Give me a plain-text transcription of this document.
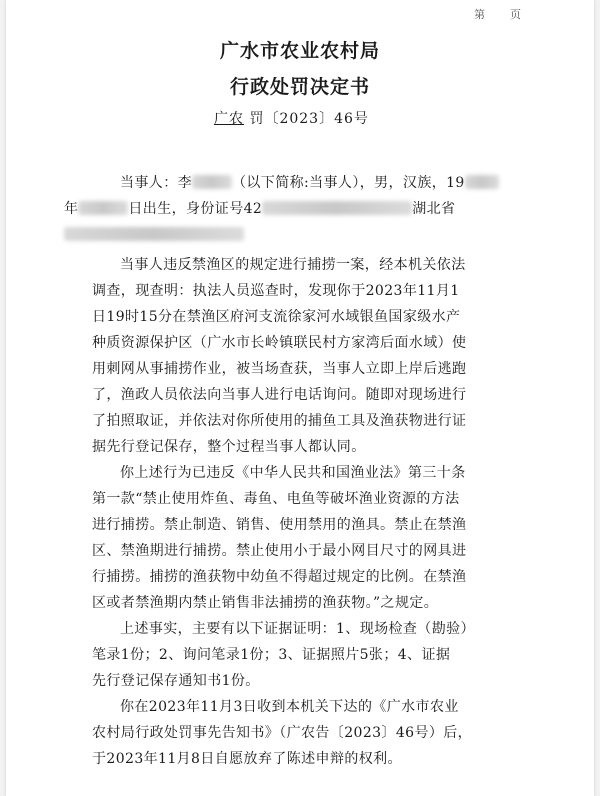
第 页
广水市农业农村局
行政处罚决定书
广农 罚〔2023〕46号

当事人：李	（以下简称:当事人），男，汉族，19
年	日出生，身份证号42	湖北省

当事人违反禁渔区的规定进行捕捞一案，经本机关依法
调查，现查明：执法人员巡查时，发现你于2023年11月1
日19时15分在禁渔区府河支流徐家河水域银鱼国家级水产
种质资源保护区（广水市长岭镇联民村方家湾后面水域）使
用刺网从事捕捞作业，被当场查获，当事人立即上岸后逃跑
了，渔政人员依法向当事人进行电话询问。随即对现场进行
了拍照取证，并依法对你所使用的捕鱼工具及渔获物进行证
据先行登记保存，整个过程当事人都认同。

你上述行为已违反《中华人民共和国渔业法》第三十条
第一款“禁止使用炸鱼、毒鱼、电鱼等破坏渔业资源的方法
进行捕捞。禁止制造、销售、使用禁用的渔具。禁止在禁渔
区、禁渔期进行捕捞。禁止使用小于最小网目尺寸的网具进
行捕捞。捕捞的渔获物中幼鱼不得超过规定的比例。在禁渔
区或者禁渔期内禁止销售非法捕捞的渔获物。”之规定。

上述事实，主要有以下证据证明：1、现场检查（勘验）
笔录1份；2、询问笔录1份；3、证据照片5张；4、证据
先行登记保存通知书1份。

你在2023年11月3日收到本机关下达的《广水市农业
农村局行政处罚事先告知书》（广农告〔2023〕46号）后，
于2023年11月8日自愿放弃了陈述申辩的权利。
